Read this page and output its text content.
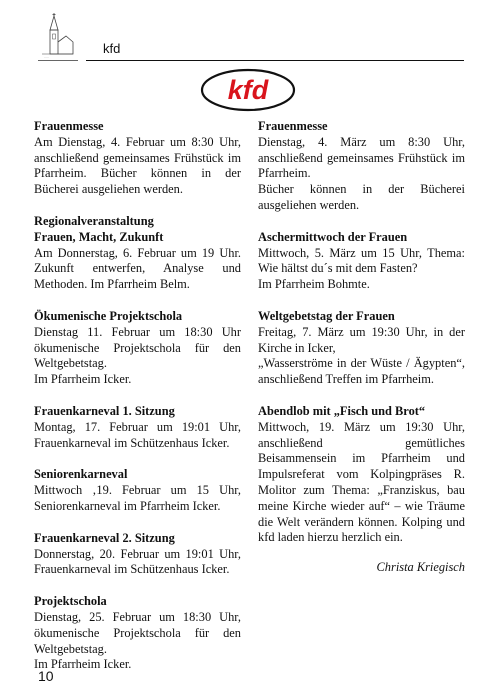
·····
kfd
kfd
Frauenmesse

Am Dienstag, 4. Februar um 8:30 Uhr, anschließend gemeinsames Frühstück im Pfarrheim. Bücher können in der Bücherei ausgeliehen werden.

Regionalveranstaltung
Frauen, Macht, Zukunft

Am Donnerstag, 6. Februar um 19 Uhr. Zukunft entwerfen, Analyse und Methoden. Im Pfarrheim Belm.

Ökumenische Projektschola

Dienstag 11. Februar um 18:30 Uhr ökumenische Projektschola für den Weltgebetstag.

Im Pfarrheim Icker.

Frauenkarneval 1. Sitzung

Montag, 17. Februar um 19:01 Uhr, Frauenkarneval im Schützenhaus Icker.

Seniorenkarneval

Mittwoch ‚19. Februar um 15 Uhr, Seniorenkarneval im Pfarrheim Icker.

Frauenkarneval 2. Sitzung

Donnerstag, 20. Februar um 19:01 Uhr, Frauenkarneval im Schützenhaus Icker.

Projektschola

Dienstag, 25. Februar um 18:30 Uhr, ökumenische Projektschola für den Weltgebetstag.

Im Pfarrheim Icker.

Frauenmesse

Dienstag, 4. März um 8:30 Uhr, anschließend gemeinsames Frühstück im Pfarrheim.

Bücher können in der Bücherei ausgeliehen werden.

Aschermittwoch der Frauen

Mittwoch, 5. März um 15 Uhr, Thema: Wie hältst du´s mit dem Fasten?

Im Pfarrheim Bohmte.

Weltgebetstag der Frauen

Freitag, 7. März um 19:30 Uhr, in der Kirche in Icker,

„Wasserströme in der Wüste / Ägypten“, anschließend Treffen im Pfarrheim.

Abendlob mit „Fisch und Brot“

Mittwoch, 19. März um 19:30 Uhr, anschließend gemütliches Beisammensein im Pfarrheim und Impulsreferat vom Kolpingpräses R. Molitor zum Thema: „Franziskus, bau meine Kirche wieder auf“ – wie Träume die Welt verändern können. Kolping und kfd laden hierzu herzlich ein.

Christa Kriegisch
10
